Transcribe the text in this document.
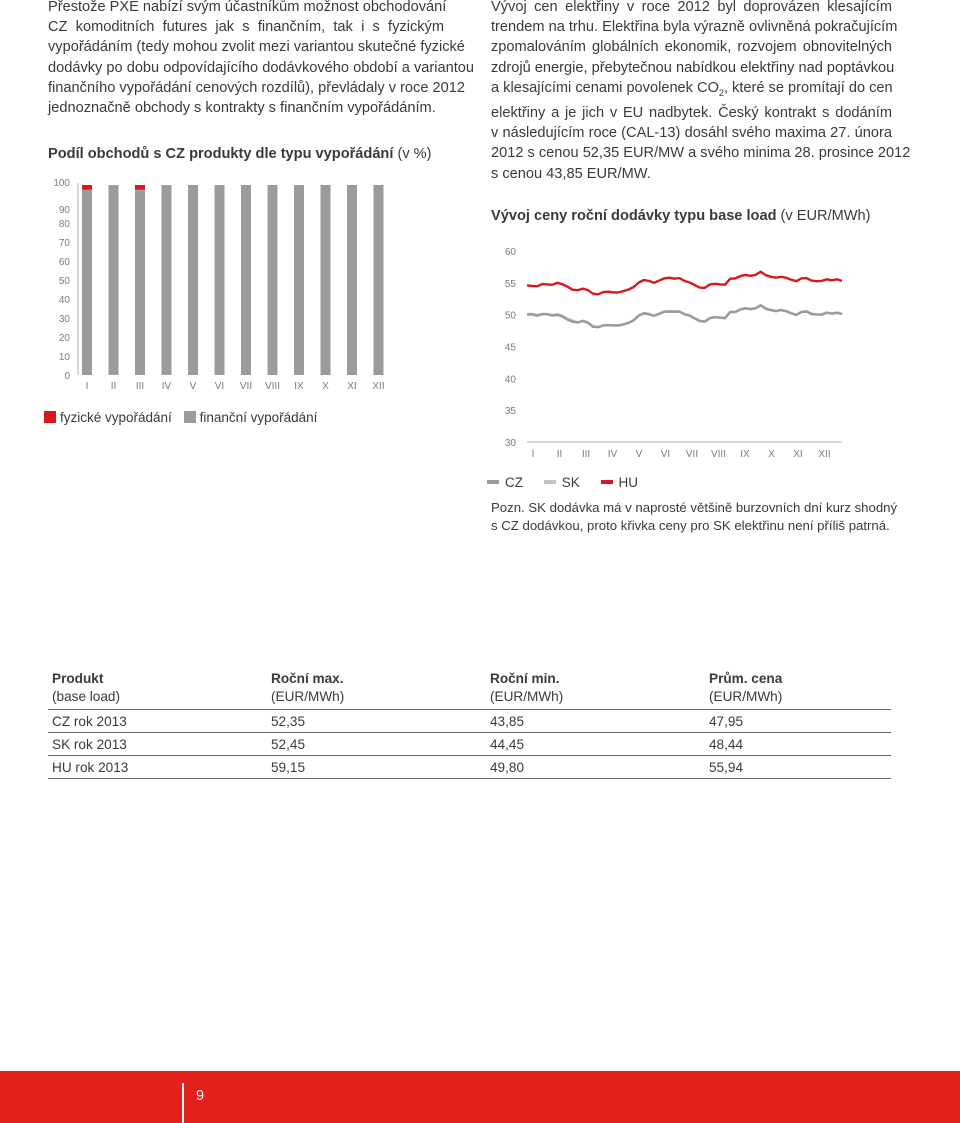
Přestože PXE nabízí svým účastníkům možnost obchodování
CZ komoditních futures jak s finančním, tak i s fyzickým
vypořádáním (tedy mohou zvolit mezi variantou skutečné fyzické
dodávky po dobu odpovídajícího dodávkového období a variantou
finančního vypořádání cenových rozdílů), převládaly v roce 2012
jednoznačně obchody s kontrakty s finančním vypořádáním.
Podíl obchodů s CZ produkty dle typu vypořádání (v %)
100
90
80
70
60
50
40
30
20
10
0
I II III IV V VI VII VIII IX X XI XII
fyzické vypořádání finanční vypořádání
Vývoj cen elektřiny v roce 2012 byl doprovázen klesajícím
trendem na trhu. Elektřina byla výrazně ovlivněná pokračujícím
zpomalováním globálních ekonomik, rozvojem obnovitelných
zdrojů energie, přebytečnou nabídkou elektřiny nad poptávkou
a klesajícími cenami povolenek $CO_2$, které se promítají do cen
elektřiny a je jich v EU nadbytek. Český kontrakt s dodáním
v následujícím roce (CAL-13) dosáhl svého maxima 27. února
2012 s cenou 52,35 EUR/MW a svého minima 28. prosince 2012
s cenou 43,85 EUR/MW.
Vývoj ceny roční dodávky typu base load (v EUR/MWh)
60
55
50
45
40
35
30
I II III IV V VI VII VIII IX X XI XII
CZ	SK	HU
Pozn. SK dodávka má v naprosté většině burzovních dní kurz shodný
s CZ dodávkou, proto křivka ceny pro SK elektřinu není příliš patrná.
Produkt	Roční max.	Roční min.	Prům. cena
(base load)	(EUR/MWh)	(EUR/MWh)	(EUR/MWh)
CZ rok 2013	52,35	43,85	47,95
SK rok 2013	52,45	44,45	48,44
HU rok 2013	59,15	49,80	55,94
9
